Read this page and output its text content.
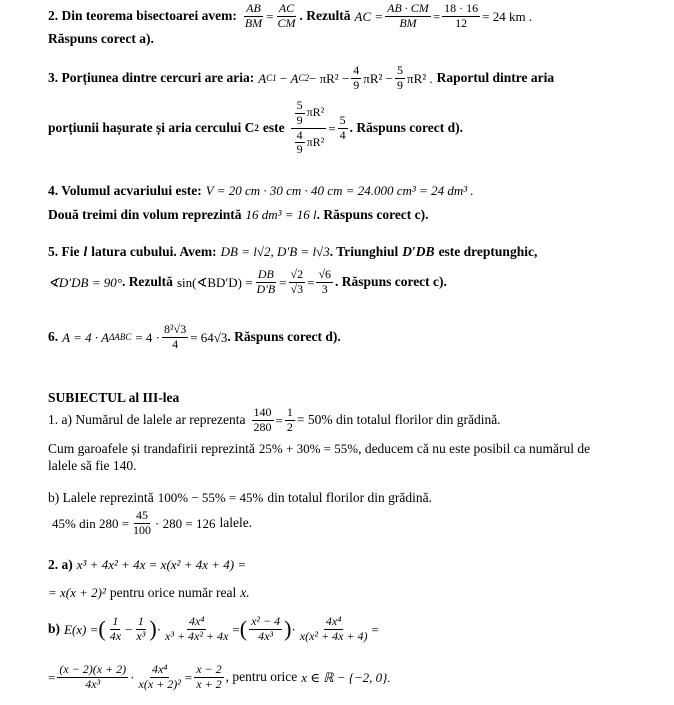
2. Din teorema bisectoarei avem: $\frac{AB}{BM} = \frac{AC}{CM}$ . Rezultă AC = $\frac{AB \cdot CM}{BM} = \frac{18 \cdot 16}{12} = 24$ km .
Răspuns corect a).
3. Porțiunea dintre cercuri are aria: A C1 − A $C2 - \pi R^2 - \frac{4}{9} \pi R^2 - \frac{5}{9} \pi R^2$ . Raportul dintre aria
porțiunii hașurate și aria cercului C 2 este $\frac{\frac{5}{9} \pi R^2}{\frac{4}{9} \pi R^2} = \frac{5}{4}$ . Răspuns corect d).
4. Volumul acvariului este: V = 20 cm · 30 cm · 40 cm = 24.000 cm³ = 24 dm³ .
Două treimi din volum reprezintă 16 dm³ = 16 l . Răspuns corect c).
5. Fie l latura cubului. Avem: DB = l√2, D′B = l√3 . Triunghiul D′DB este dreptunghic,
∢D′DB = 90° . Rezultă sin(∢BD′D) = $\frac{DB}{D'B} = \frac{√2}{√3} = \frac{√6}{3}$ . Răspuns corect c).
6. A = 4 · A $\Delta ABC = 4 \cdot \frac{\text{8²√3}}{4} = 64√3$ . Răspuns corect d).
SUBIECTUL al III-lea
1. a) Numărul de lalele ar reprezenta $\frac{140}{280} = \frac{1}{2} = 50\%$ din totalul florilor din grădină.
Cum garoafele și trandafirii reprezintă 25% + 30% = 55% , deducem că nu este posibil ca numărul de
lalele să fie 140.
b) Lalele reprezintă 100% − 55% = 45% din totalul florilor din grădină.
45% din $280 = \frac{45}{100} \cdot 280 = 126$ lalele.
2. a) x³ + 4x² + 4x = x(x² + 4x + 4) =
= x(x + 2)² pentru orice număr real x.
b) E(x) = ( $\frac{1}{4x} - \frac{1}{\text{x³}}$ ) · $\frac{\text{4x⁴}}{\text{x³ + 4x² + 4x}}$ = ( $\frac{\text{x² − 4}}{\text{4x³}}$ ) · $\frac{\text{4x⁴}}{\text{x(x² + 4x + 4)}}$ =
= $\frac{(x - 2)(x + 2)}{\text{4x³}} \cdot \frac{\text{4x⁴}}{\text{x(x + 2)²}} = \frac{x - 2}{x + 2}$ , pentru orice x ∈ ℝ − {−2, 0}.
